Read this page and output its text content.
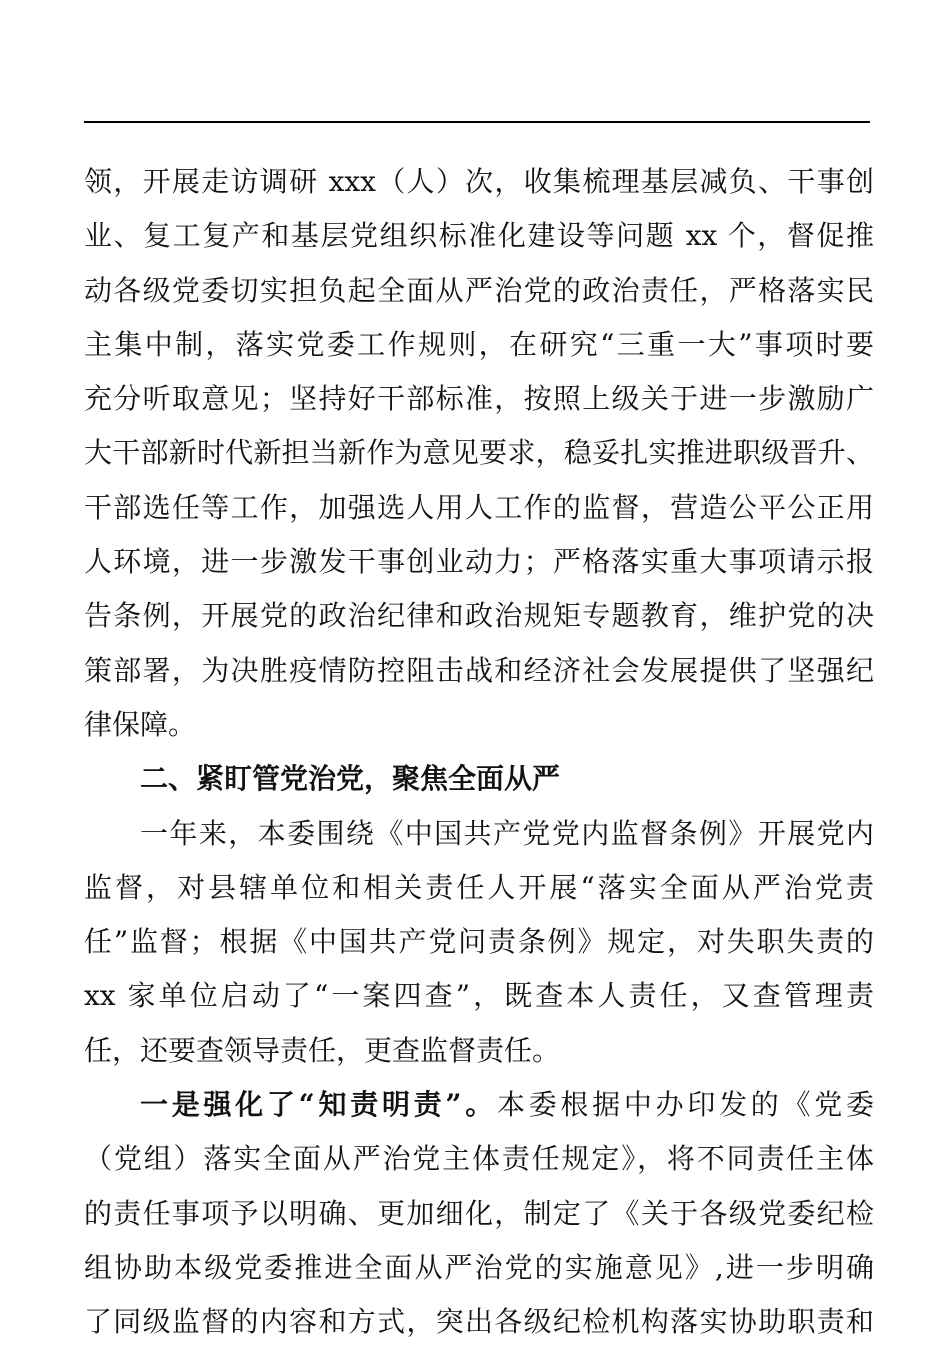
领，开展走访调研 xxx（人）次，收集梳理基层减负、干事创
业、复工复产和基层党组织标准化建设等问题 xx 个，督促推
动各级党委切实担负起全面从严治党的政治责任，严格落实民
主集中制，落实党委工作规则，在研究“三重一大”事项时要
充分听取意见；坚持好干部标准，按照上级关于进一步激励广
大干部新时代新担当新作为意见要求，稳妥扎实推进职级晋升、
干部选任等工作，加强选人用人工作的监督，营造公平公正用
人环境，进一步激发干事创业动力；严格落实重大事项请示报
告条例，开展党的政治纪律和政治规矩专题教育，维护党的决
策部署，为决胜疫情防控阻击战和经济社会发展提供了坚强纪
律保障。
二、紧盯管党治党，聚焦全面从严
一年来，本委围绕《中国共产党党内监督条例》开展党内
监督，对县辖单位和相关责任人开展“落实全面从严治党责
任”监督；根据《中国共产党问责条例》规定，对失职失责的
xx 家单位启动了“一案四查”，既查本人责任，又查管理责
任，还要查领导责任，更查监督责任。
一是强化了“知责明责”。本委根据中办印发的《党委
（党组）落实全面从严治党主体责任规定》，将不同责任主体
的责任事项予以明确、更加细化，制定了《关于各级党委纪检
组协助本级党委推进全面从严治党的实施意见》,进一步明确
了同级监督的内容和方式，突出各级纪检机构落实协助职责和
